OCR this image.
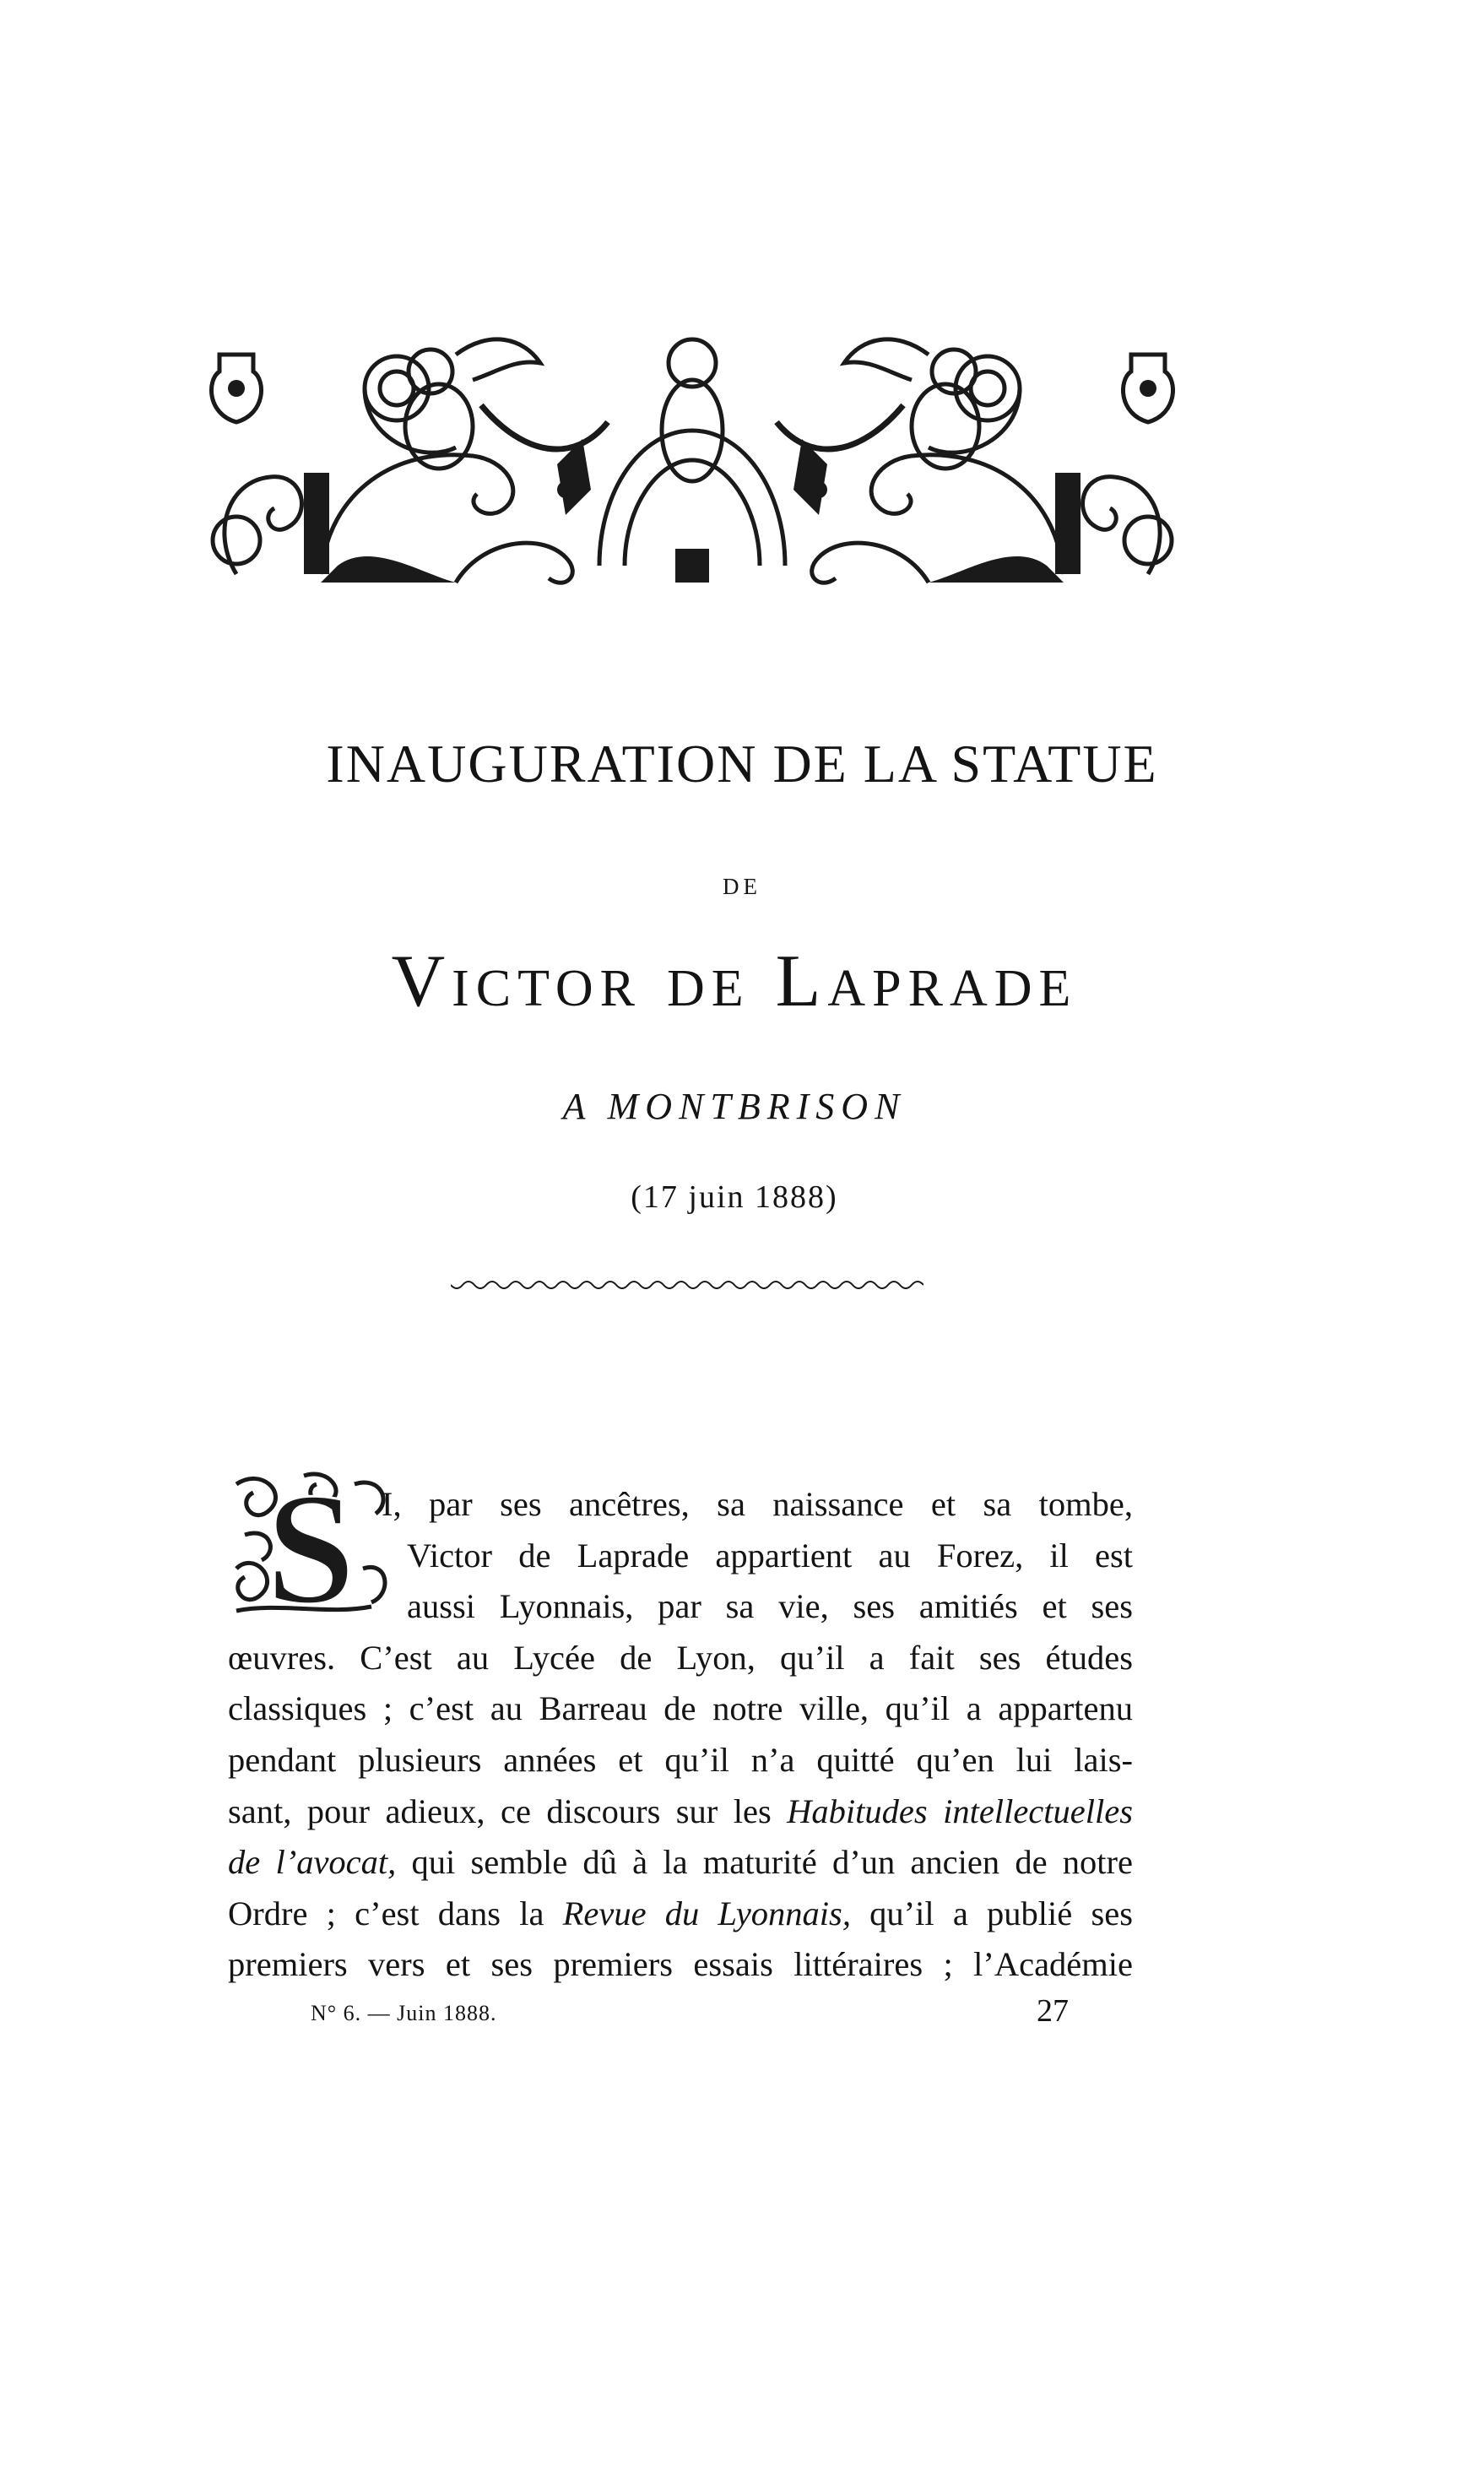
INAUGURATION DE LA STATUE
DE
Victor de Laprade
A MONTBRISON
(17 juin 1888)
S I, par ses ancêtres, sa naissance et sa tombe,
Victor de Laprade appartient au Forez, il est
aussi Lyonnais, par sa vie, ses amitiés et ses
œuvres. C’est au Lycée de Lyon, qu’il a fait ses études
classiques ; c’est au Barreau de notre ville, qu’il a appartenu
pendant plusieurs années et qu’il n’a quitté qu’en lui lais-
sant, pour adieux, ce discours sur les Habitudes intellectuelles
de l’avocat, qui semble dû à la maturité d’un ancien de notre
Ordre ; c’est dans la Revue du Lyonnais, qu’il a publié ses
premiers vers et ses premiers essais littéraires ; l’Académie
N° 6. — Juin 1888.	27
